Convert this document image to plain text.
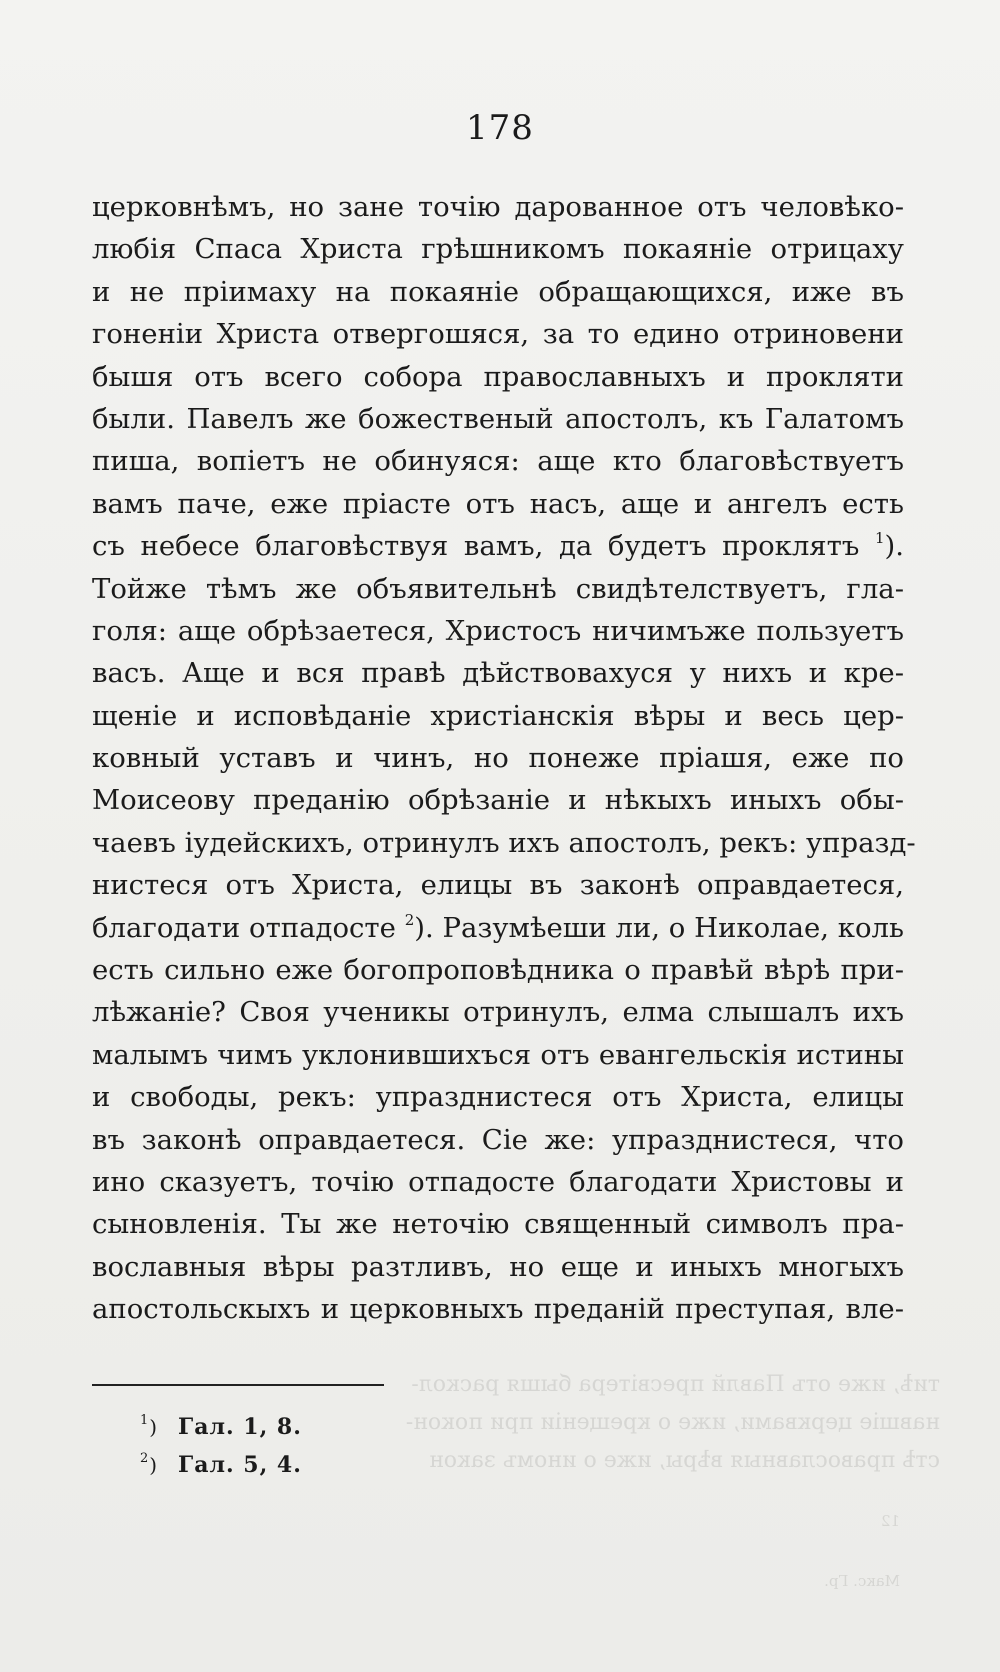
178
церковнѣмъ, но зане точію дарованное отъ человѣко-
любія Спаса Христа грѣшникомъ покаяніе отрицаху
и не пріимаху на покаяніе обращающихся, иже въ
гоненіи Христа отвергошяся, за то едино отриновени
бышя отъ всего собора православныхъ и прокляти
были. Павелъ же божественый апостолъ, къ Галатомъ
пиша, вопіетъ не обинуяся: аще кто благовѣствуетъ
вамъ паче, еже пріасте отъ насъ, аще и ангелъ есть
съ небесе благовѣствуя вамъ, да будетъ проклятъ $^1$).
Тойже тѣмъ же объявительнѣ свидѣтелствуетъ, гла-
голя: аще обрѣзаетеся, Христосъ ничимъже пользуетъ
васъ. Аще и вся правѣ дѣйствовахуся у нихъ и кре-
щеніе и исповѣданіе христіанскія вѣры и весь цер-
ковный уставъ и чинъ, но понеже пріашя, еже по
Моисеову преданію обрѣзаніе и нѣкыхъ иныхъ обы-
чаевъ іудейскихъ, отринулъ ихъ апостолъ, рекъ: упразд-
нистеся отъ Христа, елицы въ законѣ оправдаетеся,
благодати отпадосте $^2$). Разумѣеши ли, о Николае, коль
есть сильно еже богопроповѣдника о правѣй вѣрѣ при-
лѣжаніе? Своя ученикы отринулъ, елма слышалъ ихъ
малымъ чимъ уклонившихъся отъ евангельскія истины
и свободы, рекъ: упразднистеся отъ Христа, елицы
въ законѣ оправдаетеся. Сіе же: упразднистеся, что
ино сказуетъ, точію отпадосте благодати Христовы и
сыновленія. Ты же неточію священный символъ пра-
вославныя вѣры разтливъ, но еще и иныхъ многыхъ
апостольскыхъ и церковныхъ преданій преступая, вле-
тиѣ, иже отъ Павлй пресвітера бышя раскол-
навшіе церквами, иже о крещеніи при покон-
стѣ православныя вѣры, иже о иномъ закон
12
Макс. Гр.
$^1$) Гал. 1, 8.
$^2$) Гал. 5, 4.
